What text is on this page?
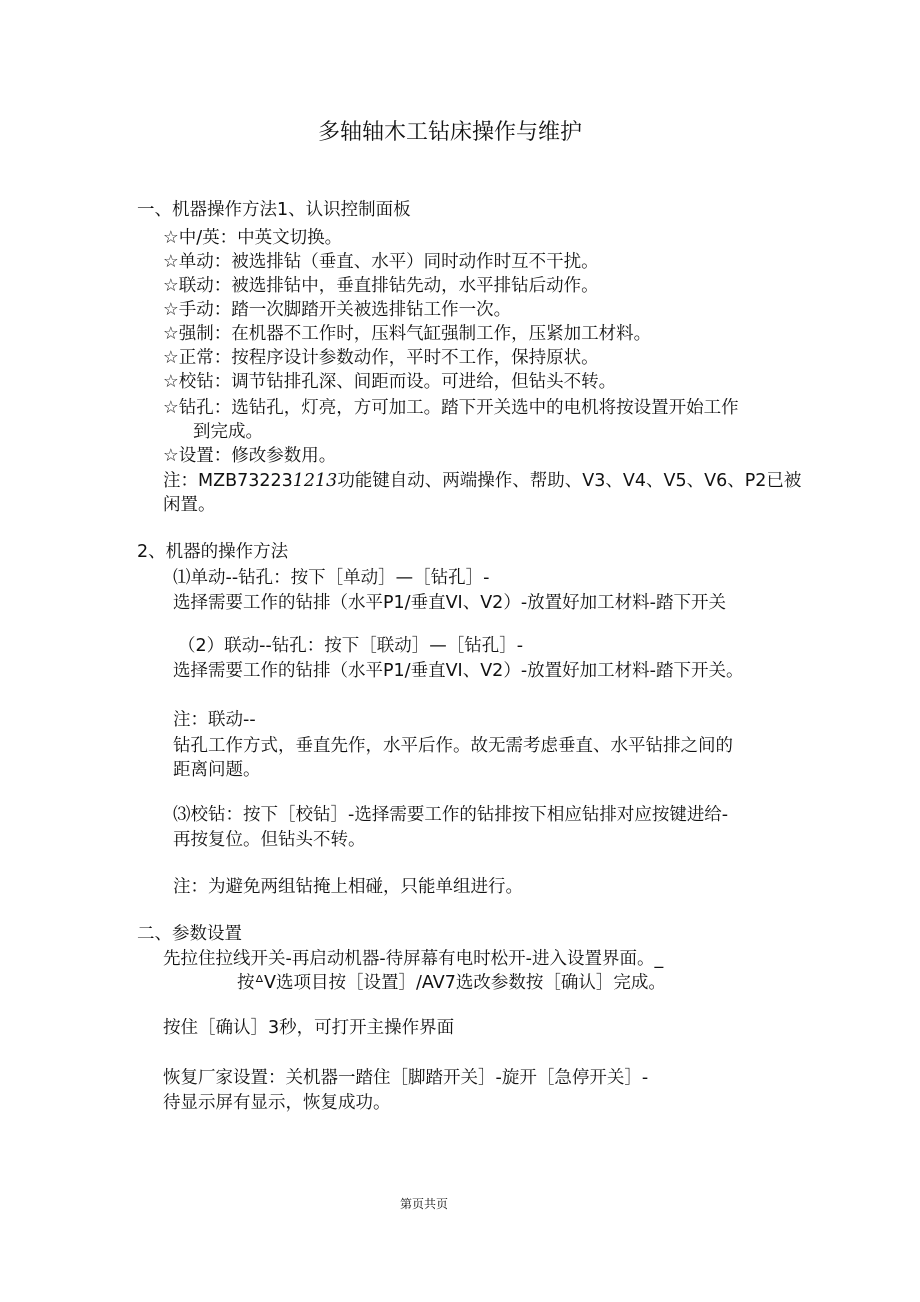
多轴轴木工钻床操作与维护
一、机器操作方法1、认识控制面板
☆中/英：中英文切换。
☆单动：被选排钻（垂直、水平）同时动作时互不干扰。
☆联动：被选排钻中，垂直排钻先动，水平排钻后动作。
☆手动：踏一次脚踏开关被选排钻工作一次。
☆强制：在机器不工作时，压料气缸强制工作，压紧加工材料。
☆正常：按程序设计参数动作，平时不工作，保持原状。
☆校钻：调节钻排孔深、间距而设。可进给，但钻头不转。
☆钻孔：选钻孔，灯亮，方可加工。踏下开关选中的电机将按设置开始工作
到完成。
☆设置：修改参数用。
注：MZB732231213功能键自动、两端操作、帮助、V3、V4、V5、V6、P2已被
闲置。
2、机器的操作方法
⑴单动--钻孔：按下［单动］—［钻孔］-
选择需要工作的钻排（水平P1/垂直VI、V2）-放置好加工材料-踏下开关
（2）联动--钻孔：按下［联动］—［钻孔］-
选择需要工作的钻排（水平P1/垂直VI、V2）-放置好加工材料-踏下开关。
注：联动--
钻孔工作方式，垂直先作，水平后作。故无需考虑垂直、水平钻排之间的
距离问题。
⑶校钻：按下［校钻］-选择需要工作的钻排按下相应钻排对应按键进给-
再按复位。但钻头不转。
注：为避免两组钻掩上相碰，只能单组进行。
二、参数设置
先拉住拉线开关-再启动机器-待屏幕有电时松开-进入设置界面。_
按ᐞV选项目按［设置］/AV7选改参数按［确认］完成。
按住［确认］3秒，可打开主操作界面
恢复厂家设置：关机器一踏住［脚踏开关］-旋开［急停开关］-
待显示屏有显示，恢复成功。
第页共页
